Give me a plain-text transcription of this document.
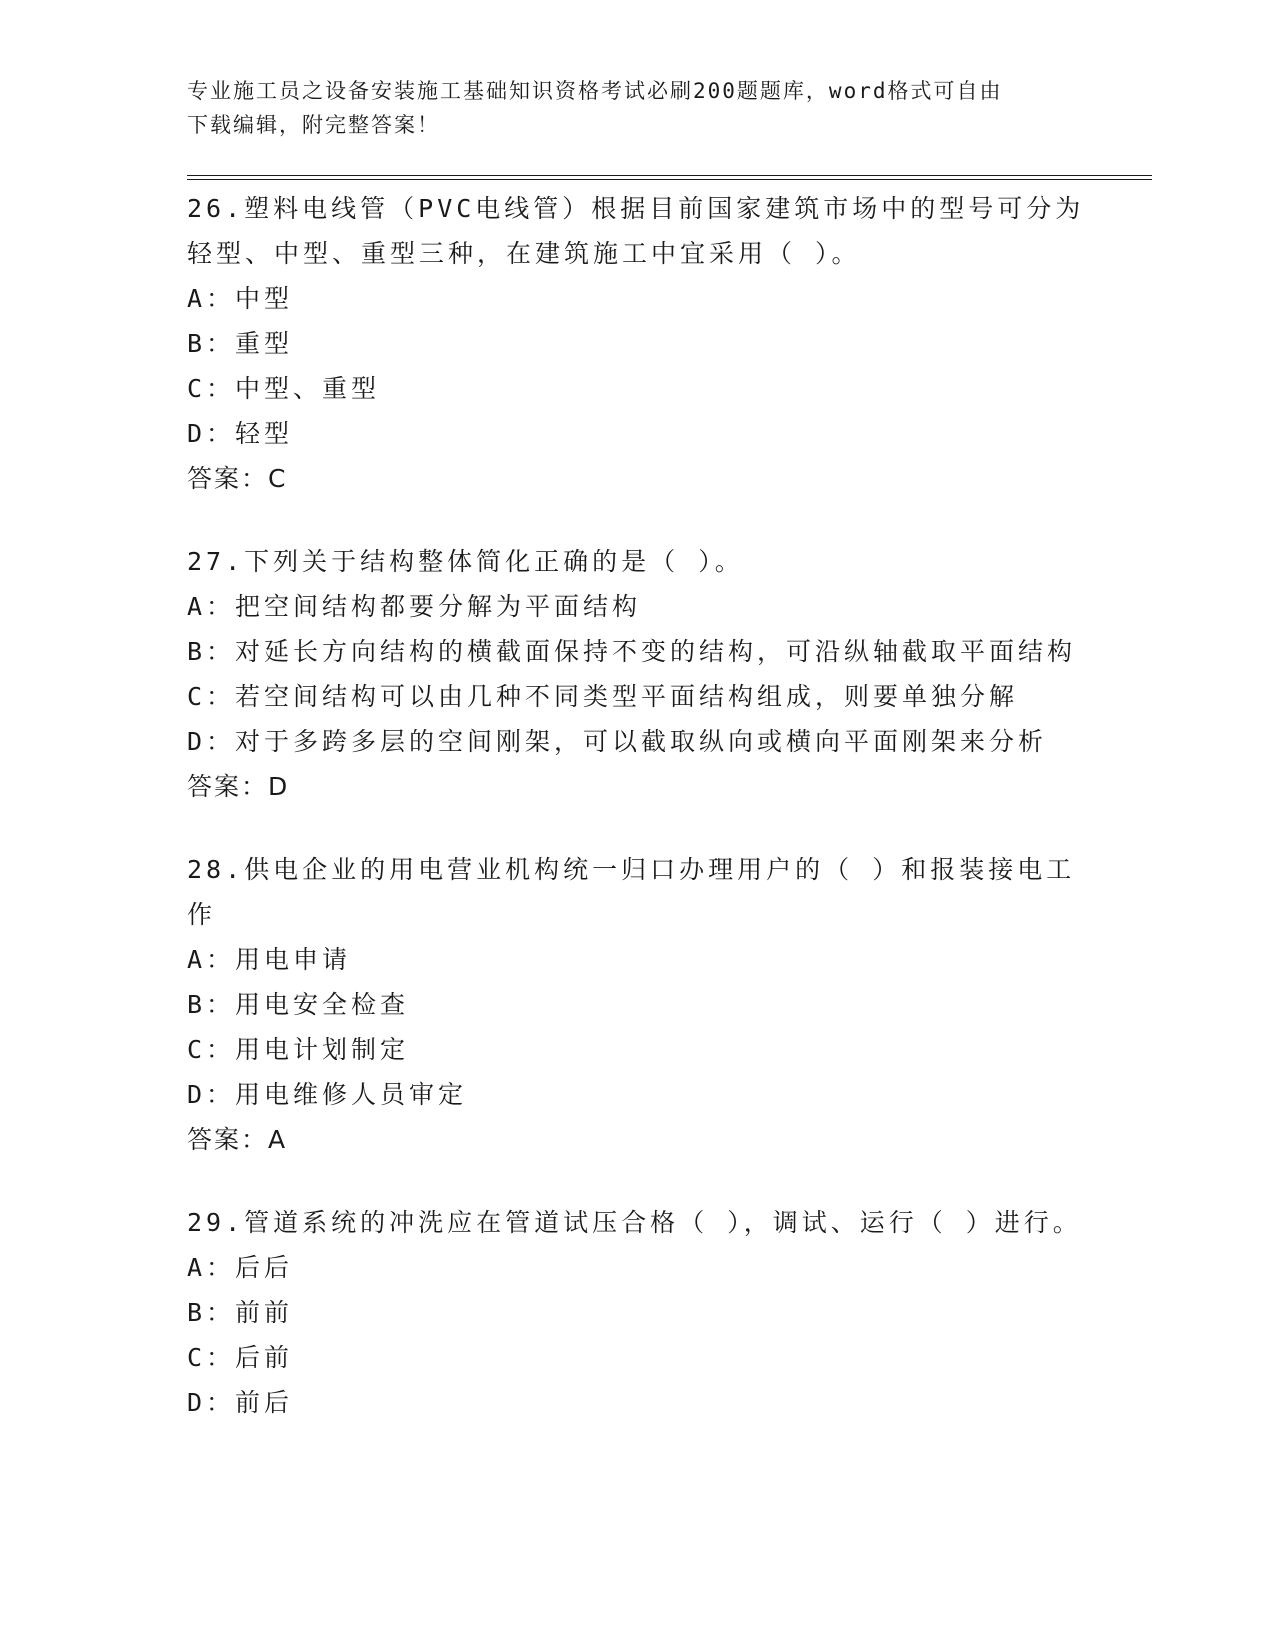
专业施工员之设备安装施工基础知识资格考试必刷200题题库，word格式可自由
下载编辑，附完整答案！
26.塑料电线管（PVC电线管）根据目前国家建筑市场中的型号可分为轻型、中型、重型三种，在建筑施工中宜采用（ ）。
A：中型
B：重型
C：中型、重型
D：轻型
答案：C
27.下列关于结构整体简化正确的是（ ）。
A：把空间结构都要分解为平面结构
B：对延长方向结构的横截面保持不变的结构，可沿纵轴截取平面结构
C：若空间结构可以由几种不同类型平面结构组成，则要单独分解
D：对于多跨多层的空间刚架，可以截取纵向或横向平面刚架来分析
答案：D
28.供电企业的用电营业机构统一归口办理用户的（ ）和报装接电工作
A：用电申请
B：用电安全检查
C：用电计划制定
D：用电维修人员审定
答案：A
29.管道系统的冲洗应在管道试压合格（ ），调试、运行（ ）进行。
A：后后
B：前前
C：后前
D：前后
